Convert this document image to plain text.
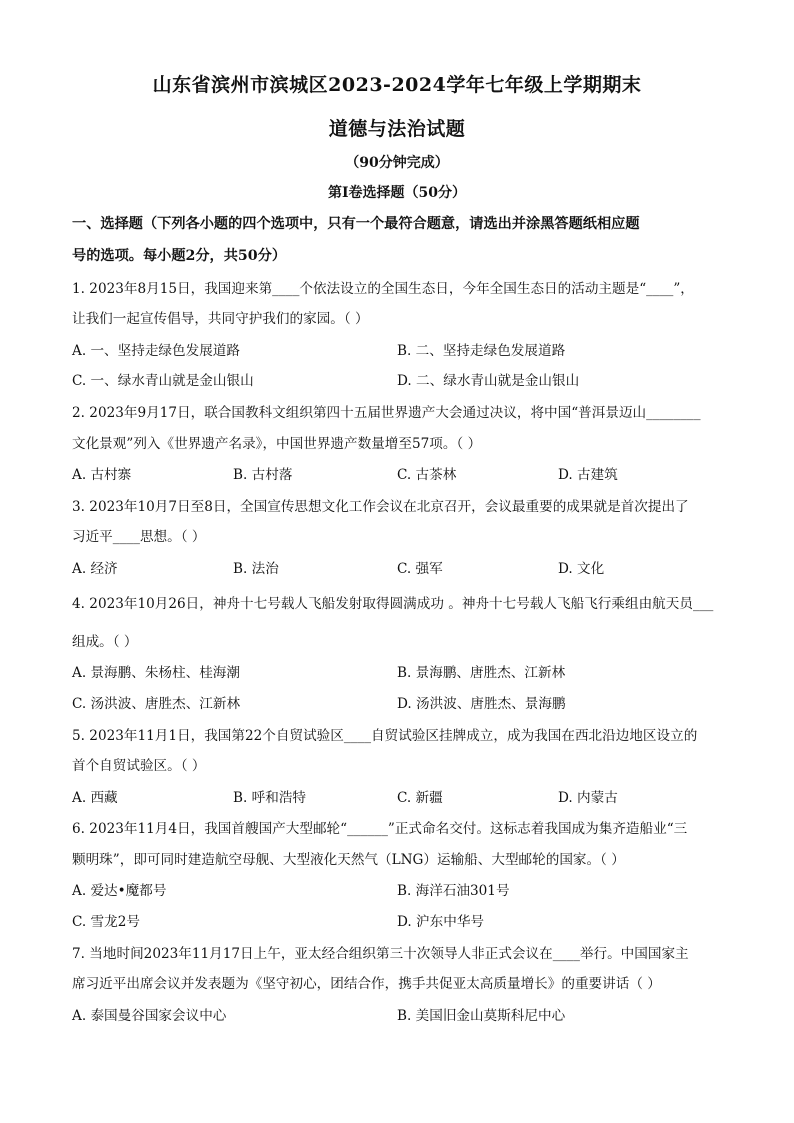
山东省滨州市滨城区2023-2024学年七年级上学期期末
道德与法治试题
（90分钟完成）
第Ⅰ卷选择题（50分）
一、选择题（下列各小题的四个选项中，只有一个最符合题意，请选出并涂黑答题纸相应题
号的选项。每小题2分，共50分）
1. 2023年8月15日，我国迎来第____个依法设立的全国生态日，今年全国生态日的活动主题是“____”，
让我们一起宣传倡导，共同守护我们的家园。（ ）
A. 一、坚持走绿色发展道路	B. 二、坚持走绿色发展道路
C. 一、绿水青山就是金山银山	D. 二、绿水青山就是金山银山
2. 2023年9月17日，联合国教科文组织第四十五届世界遗产大会通过决议，将中国“普洱景迈山________
文化景观”列入《世界遗产名录》，中国世界遗产数量增至57项。（ ）
A. 古村寨	B. 古村落	C. 古茶林	D. 古建筑
3. 2023年10月7日至8日，全国宣传思想文化工作会议在北京召开，会议最重要的成果就是首次提出了
习近平____思想。（ ）
A. 经济	B. 法治	C. 强军	D. 文化
4. 2023年10月26日，神舟十七号载人飞船发射取得圆满成功 。神舟十七号载人飞船飞行乘组由航天员___
组成。（ ）
A. 景海鹏、朱杨柱、桂海潮	B. 景海鹏、唐胜杰、江新林
C. 汤洪波、唐胜杰、江新林	D. 汤洪波、唐胜杰、景海鹏
5. 2023年11月1日，我国第22个自贸试验区____自贸试验区挂牌成立，成为我国在西北沿边地区设立的
首个自贸试验区。（ ）
A. 西藏	B. 呼和浩特	C. 新疆	D. 内蒙古
6. 2023年11月4日，我国首艘国产大型邮轮“______”正式命名交付。这标志着我国成为集齐造船业“三
颗明珠”，即可同时建造航空母舰、大型液化天然气（LNG）运输船、大型邮轮的国家。（ ）
A. 爱达•魔都号	B. 海洋石油301号
C. 雪龙2号	D. 沪东中华号
7. 当地时间2023年11月17日上午，亚太经合组织第三十次领导人非正式会议在____举行。中国国家主
席习近平出席会议并发表题为《坚守初心，团结合作，携手共促亚太高质量增长》的重要讲话（ ）
A. 泰国曼谷国家会议中心	B. 美国旧金山莫斯科尼中心
